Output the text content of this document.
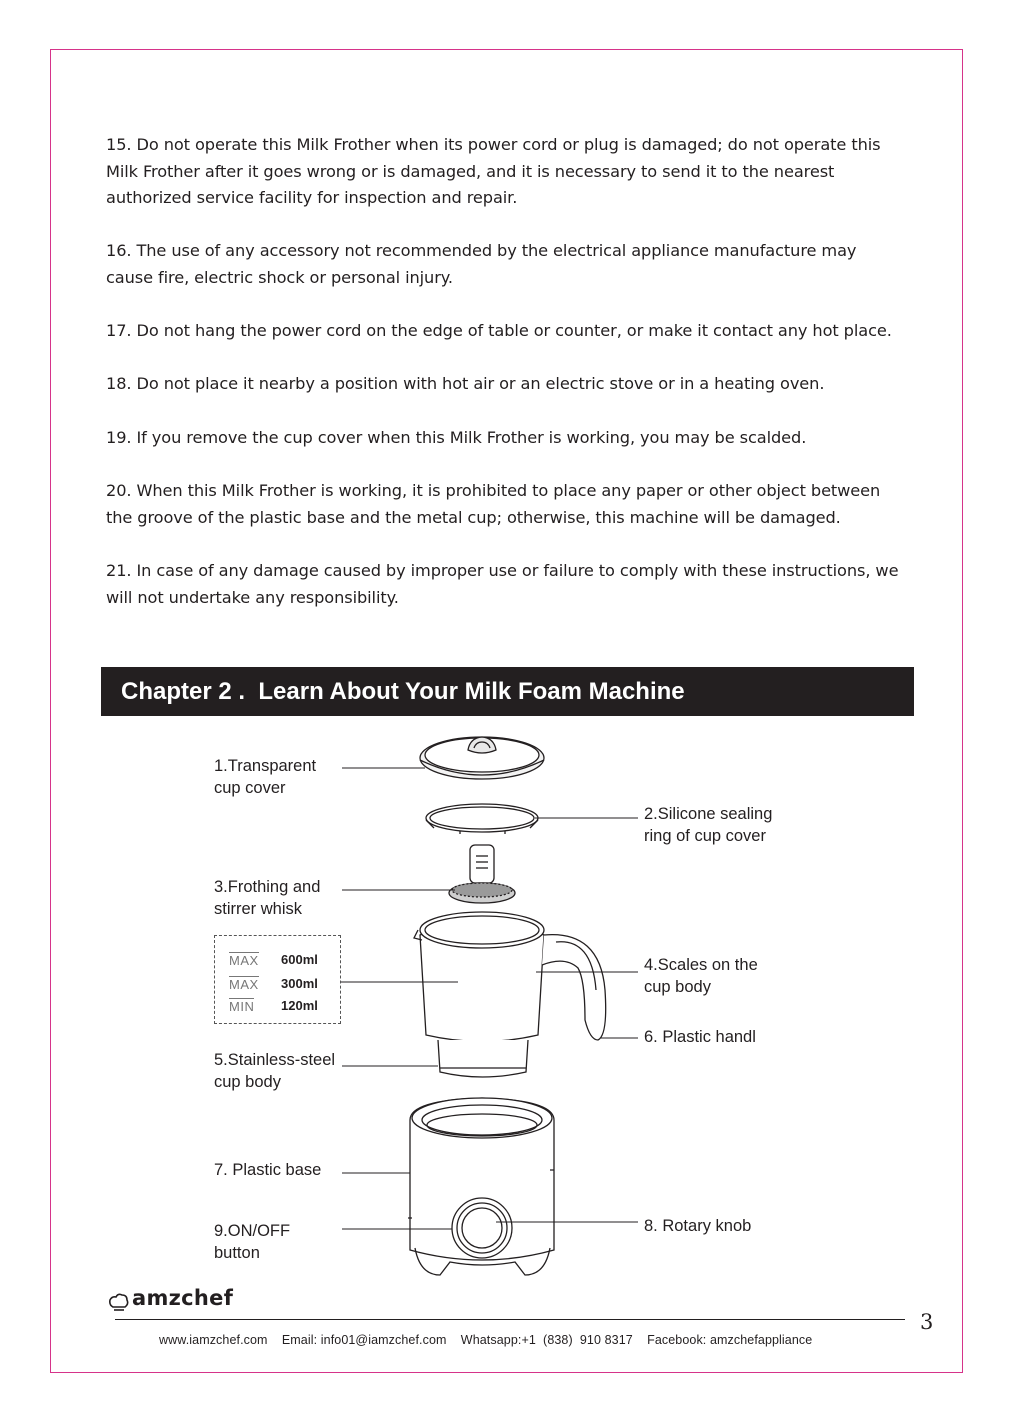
15. Do not operate this Milk Frother when its power cord or plug is damaged; do not operate this Milk Frother after it goes wrong or is damaged, and it is necessary to send it to the nearest authorized service facility for inspection and repair.

16. The use of any accessory not recommended by the electrical appliance manufacture may cause fire, electric shock or personal injury.

17. Do not hang the power cord on the edge of table or counter, or make it contact any hot place.

18. Do not place it nearby a position with hot air or an electric stove or in a heating oven.

19. If you remove the cup cover when this Milk Frother is working, you may be scalded.

20. When this Milk Frother is working, it is prohibited to place any paper or other object between the groove of the plastic base and the metal cup; otherwise, this machine will be damaged.

21. In case of any damage caused by improper use or failure to comply with these instructions, we will not undertake any responsibility.

Chapter 2 .  Learn About Your Milk Foam Machine
1.Transparent
cup cover
2.Silicone sealing
ring of cup cover
3.Frothing and
stirrer whisk
4.Scales on the
cup body
5.Stainless-steel
cup body
6. Plastic handl
7. Plastic base
8. Rotary knob
9.ON/OFF
button
MAX 600ml
MAX 300ml
MIN 120ml
amzchef
3
www.iamzchef.com    Email: info01@iamzchef.com    Whatsapp:+1  (838)  910 8317    Facebook: amzchefappliance
